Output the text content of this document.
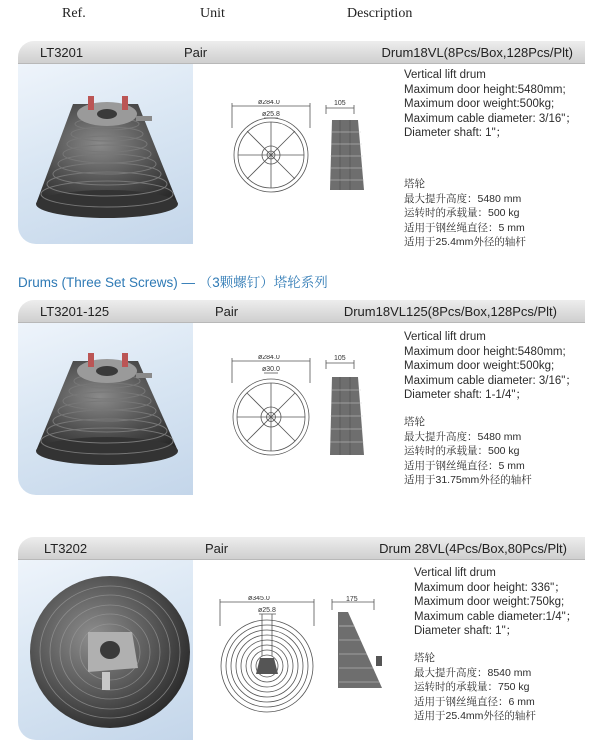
Ref.	Unit	Description
LT3201	Pair	Drum18VL(8Pcs/Box,128Pcs/Plt)
ø284.0
ø25.8
105
Vertical lift drum
Maximum door height:5480mm;
Maximum door weight:500kg;
Maximum cable diameter: 3/16"；
Diameter shaft: 1"；
塔轮
最大提升高度：5480 mm
运转时的承载量：500 kg
适用于钢丝绳直径：5 mm
适用于25.4mm外径的轴杆
Drums (Three Set Screws) — （3颗螺钉）塔轮系列
LT3201-125	Pair	Drum18VL125(8Pcs/Box,128Pcs/Plt)
ø284.0
ø30.0
105
Vertical lift drum
Maximum door height:5480mm;
Maximum door weight:500kg;
Maximum cable diameter: 3/16"；
Diameter shaft: 1-1/4"；
塔轮
最大提升高度：5480 mm
运转时的承载量：500 kg
适用于钢丝绳直径：5 mm
适用于31.75mm外径的轴杆
LT3202	Pair	Drum 28VL(4Pcs/Box,80Pcs/Plt)
ø345.0
ø25.8
175
Vertical lift drum
Maximum door height: 336"；
Maximum door weight:750kg;
Maximum cable diameter:1/4"；
Diameter shaft: 1"；
塔轮
最大提升高度：8540 mm
运转时的承载量：750 kg
适用于钢丝绳直径：6 mm
适用于25.4mm外径的轴杆
